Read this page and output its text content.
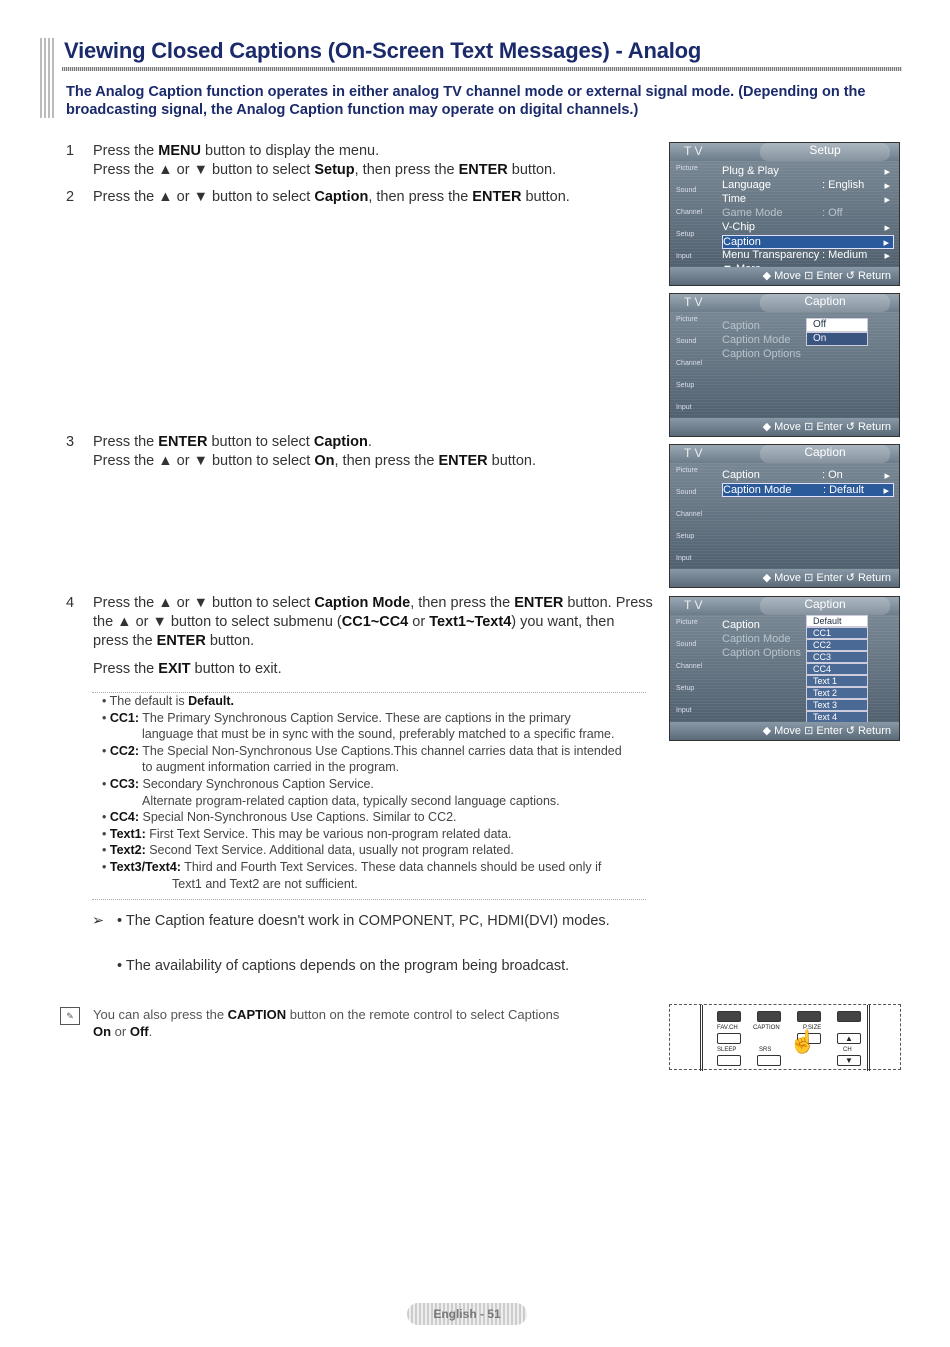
Viewing Closed Captions (On-Screen Text Messages) - Analog

The Analog Caption function operates in either analog TV channel mode or external signal mode. (Depending on the broadcasting signal, the Analog Caption function may operate on digital channels.)

1	Press the MENU button to display the menu.

Press the ▲ or ▼ button to select Setup, then press the ENTER button.

2	Press the ▲ or ▼ button to select Caption, then press the ENTER button.

3	Press the ENTER button to select Caption.

Press the ▲ or ▼ button to select On, then press the ENTER button.

4	Press the ▲ or ▼ button to select Caption Mode, then press the ENTER button. Press the ▲ or ▼ button to select submenu (CC1~CC4 or Text1~Text4) you want, then press the ENTER button.

Press the EXIT button to exit.

T V	Setup
Picture
Sound
Channel
Setup
Input
Plug & Play	▸
Language	: English ▸
Time	▸
Game Mode	: Off
V-Chip	▸
Caption	▸
Menu Transparency : Medium ▸
◆ Move ⊡ Enter ↺ Return
T V	Caption
Picture
Sound
Channel
Setup
Input
Caption
Caption Mode
Caption Options
Off
On
◆ Move ⊡ Enter ↺ Return
T V	Caption
Picture
Sound
Channel
Setup
Input
Caption	: On	▸
Caption Mode	: Default ▸
◆ Move ⊡ Enter ↺ Return
T V	Caption
Picture
Sound
Channel
Setup
Input
Caption
Caption Mode
Caption Options
Default
CC1
CC2
CC3
CC4
Text 1
Text 2
Text 3
Text 4
◆ Move ⊡ Enter ↺ Return
• The default is Default.
• CC1: The Primary Synchronous Caption Service. These are captions in the primary
language that must be in sync with the sound, preferably matched to a specific frame.
• CC2: The Special Non-Synchronous Use Captions.This channel carries data that is intended
to augment information carried in the program.
• CC3: Secondary Synchronous Caption Service.
Alternate program-related caption data, typically second language captions.
• CC4: Special Non-Synchronous Use Captions. Similar to CC2.
• Text1: First Text Service. This may be various non-program related data.
• Text2: Second Text Service. Additional data, usually not program related.
• Text3/Text4: Third and Fourth Text Services. These data channels should be used only if
Text1 and Text2 are not sufficient.
➢ • The Caption feature doesn't work in COMPONENT, PC, HDMI(DVI) modes.
• The availability of captions depends on the program being broadcast.
✎	You can also press the CAPTION button on the remote control to select Captions
On or Off.	FAV.CH	CAPTION	P.SIZE
▲
SLEEP	SRS	CH
▼
☝
English - 51
